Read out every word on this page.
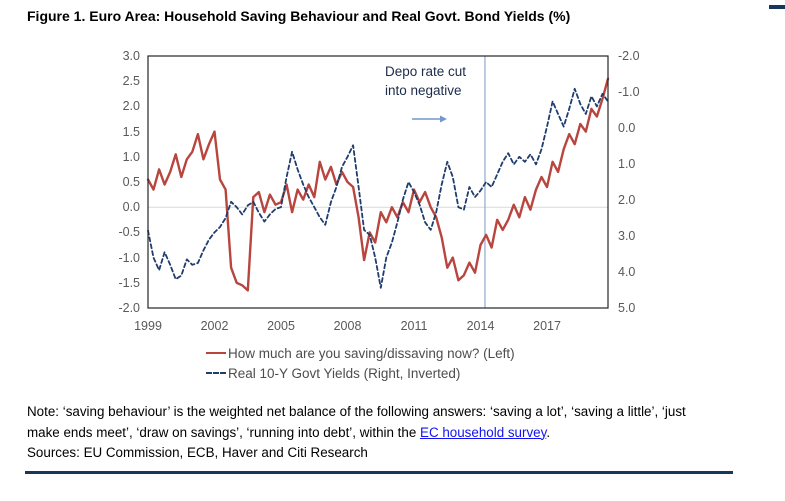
Figure 1. Euro Area: Household Saving Behaviour and Real Govt. Bond Yields (%)
3.0
2.5
2.0
1.5
1.0
0.5
0.0
-0.5
-1.0
-1.5
-2.0
-2.0
-1.0
0.0
1.0
2.0
3.0
4.0
5.0
1999	2002	2005	2008	2011	2014	2017
Depo rate cut
into negative
How much are you saving/dissaving now? (Left)
Real 10-Y Govt Yields (Right, Inverted)
Note: ‘saving behaviour’ is the weighted net balance of the following answers: ‘saving a lot’, ‘saving a little’, ‘just make ends meet’, ‘draw on savings’, ‘running into debt’, within the EC household survey.
Sources: EU Commission, ECB, Haver and Citi Research
